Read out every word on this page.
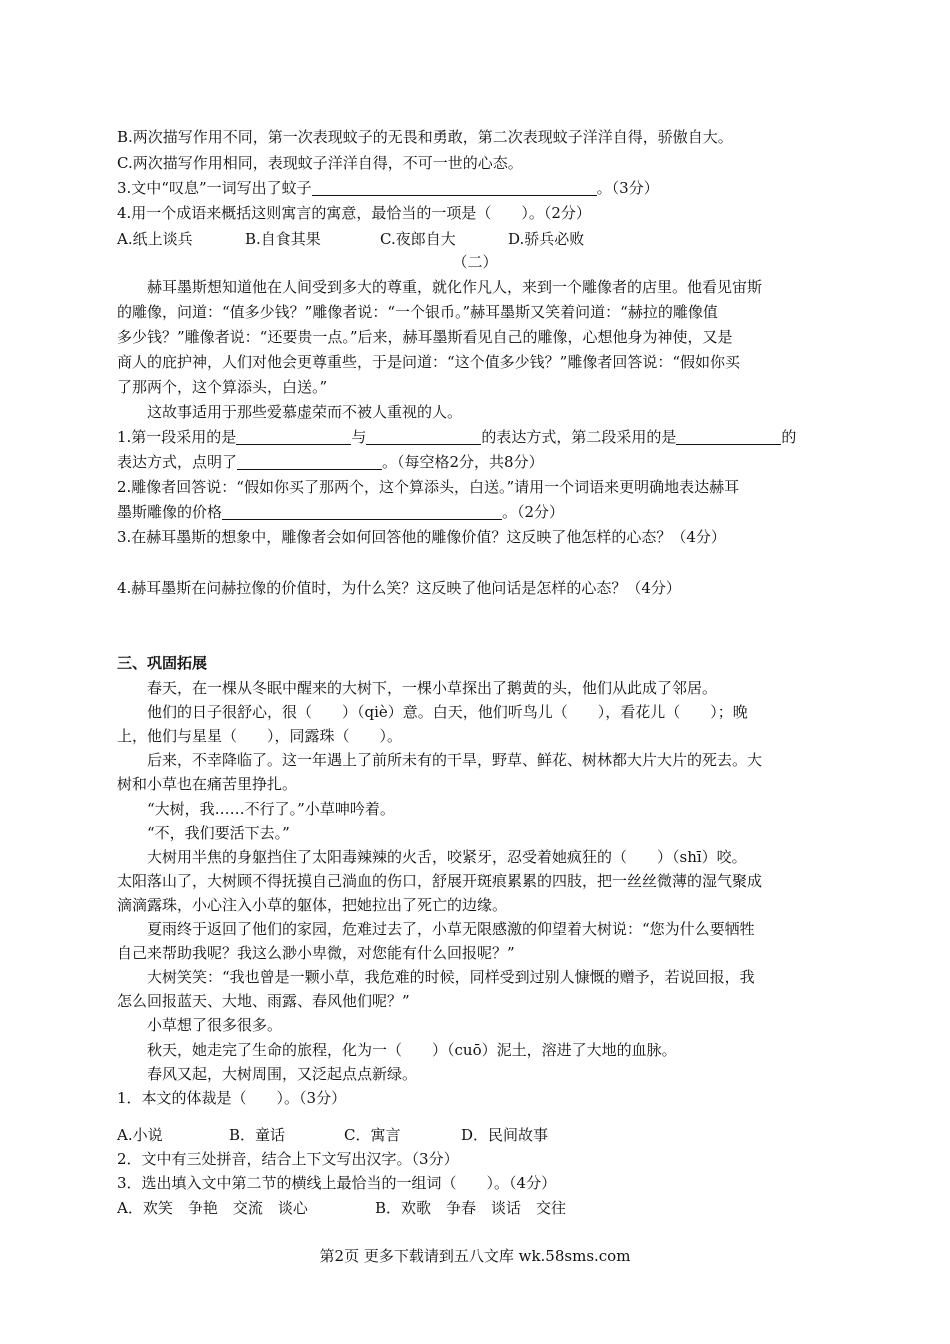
B.两次描写作用不同，第一次表现蚊子的无畏和勇敢，第二次表现蚊子洋洋自得，骄傲自大。
C.两次描写作用相同，表现蚊子洋洋自得，不可一世的心态。
3.文中“叹息”一词写出了蚊子	。（3分）
4.用一个成语来概括这则寓言的寓意，最恰当的一项是（　　）。（2分）
A.纸上谈兵	B.自食其果	C.夜郎自大	D.骄兵必败
（二）
赫耳墨斯想知道他在人间受到多大的尊重，就化作凡人，来到一个雕像者的店里。他看见宙斯
的雕像，问道：“值多少钱？”雕像者说：“一个银币。”赫耳墨斯又笑着问道：“赫拉的雕像值
多少钱？”雕像者说：“还要贵一点。”后来，赫耳墨斯看见自己的雕像，心想他身为神使，又是
商人的庇护神，人们对他会更尊重些，于是问道：“这个值多少钱？”雕像者回答说：“假如你买
了那两个，这个算添头，白送。”
这故事适用于那些爱慕虚荣而不被人重视的人。
1.第一段采用的是	与	的表达方式，第二段采用的是	的
表达方式，点明了	。（每空格2分，共8分）
2.雕像者回答说：“假如你买了那两个，这个算添头，白送。”请用一个词语来更明确地表达赫耳
墨斯雕像的价格	。（2分）
3.在赫耳墨斯的想象中，雕像者会如何回答他的雕像价值？这反映了他怎样的心态？（4分）
4.赫耳墨斯在问赫拉像的价值时，为什么笑？这反映了他问话是怎样的心态？（4分）
三、巩固拓展
春天，在一棵从冬眠中醒来的大树下，一棵小草探出了鹅黄的头，他们从此成了邻居。
他们的日子很舒心，很（　　）（qiè）意。白天，他们听鸟儿（　　），看花儿（　　）；晚
上，他们与星星（　　），同露珠（　　）。
后来，不幸降临了。这一年遇上了前所未有的干旱，野草、鲜花、树林都大片大片的死去。大
树和小草也在痛苦里挣扎。
“大树，我……不行了。”小草呻吟着。
“不，我们要活下去。”
大树用半焦的身躯挡住了太阳毒辣辣的火舌，咬紧牙，忍受着她疯狂的（　　）（shī）咬。
太阳落山了，大树顾不得抚摸自己淌血的伤口，舒展开斑痕累累的四肢，把一丝丝微薄的湿气聚成
滴滴露珠，小心注入小草的躯体，把她拉出了死亡的边缘。
夏雨终于返回了他们的家园，危难过去了，小草无限感激的仰望着大树说：“您为什么要牺牲
自己来帮助我呢？我这么渺小卑微，对您能有什么回报呢？”
大树笑笑：“我也曾是一颗小草，我危难的时候，同样受到过别人慷慨的赠予，若说回报，我
怎么回报蓝天、大地、雨露、春风他们呢？”
小草想了很多很多。
秋天，她走完了生命的旅程，化为一（　　）（cuō）泥土，溶进了大地的血脉。
春风又起，大树周围，又泛起点点新绿。
1．本文的体裁是（　　）。（3分）
A.小说	B．童话	C．寓言	D．民间故事
2．文中有三处拼音，结合上下文写出汉字。（3分）
3．选出填入文中第二节的横线上最恰当的一组词（　　）。（4分）
A．欢笑　争艳　交流　谈心	B．欢歌　争春　谈话　交往
第2页 更多下载请到五八文库 wk.58sms.com
